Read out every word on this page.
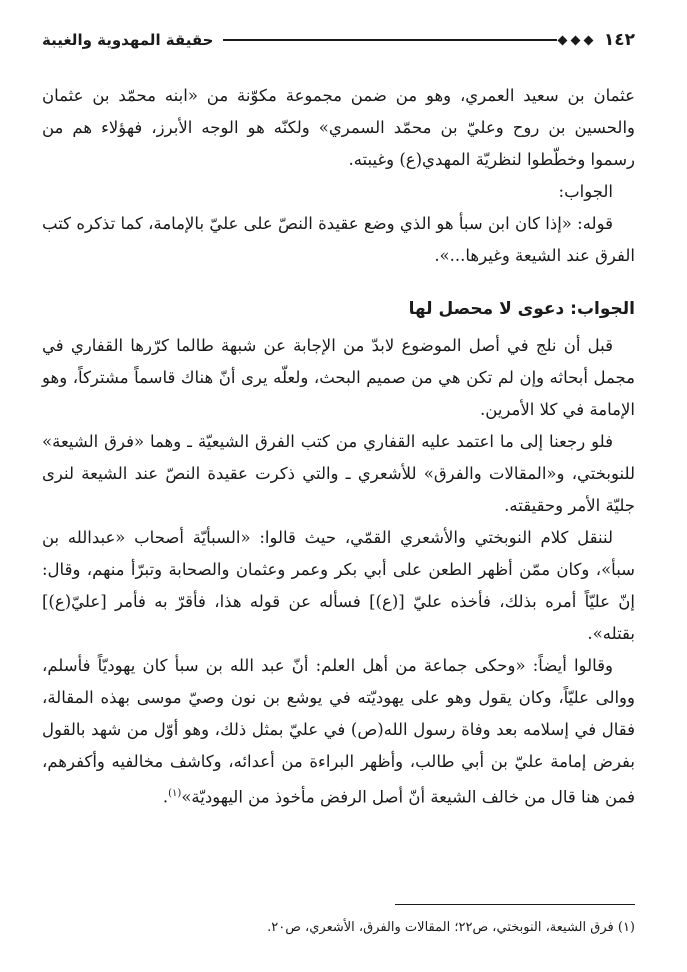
١٤٢
حقيقة المهدوية والغيبة

عثمان بن سعيد العمري، وهو من ضمن مجموعة مكوّنة من «ابنه محمّد بن عثمان والحسين بن روح وعليّ بن محمّد السمري» ولكنّه هو الوجه الأبرز، فهؤلاء هم من رسموا وخطّطوا لنظريّة المهدي(ع) وغيبته.

الجواب:

قوله: «إذا كان ابن سبأ هو الذي وضع عقيدة النصّ على عليّ بالإمامة، كما تذكره كتب الفرق عند الشيعة وغيرها...».

الجواب: دعوى لا محصل لها

قبل أن نلج في أصل الموضوع لابدّ من الإجابة عن شبهة طالما كرّرها القفاري في مجمل أبحاثه وإن لم تكن هي من صميم البحث، ولعلّه يرى أنّ هناك قاسماً مشتركاً، وهو الإمامة في كلا الأمرين.

فلو رجعنا إلى ما اعتمد عليه القفاري من كتب الفرق الشيعيّة ـ وهما «فرق الشيعة» للنوبختي، و«المقالات والفرق» للأشعري ـ والتي ذكرت عقيدة النصّ عند الشيعة لنرى جليّة الأمر وحقيقته.

لننقل كلام النوبختي والأشعري القمّي، حيث قالوا: «السبأيّة أصحاب «عبدالله بن سبأ»، وكان ممّن أظهر الطعن على أبي بكر وعمر وعثمان والصحابة وتبرّأ منهم، وقال: إنّ عليّاً أمره بذلك، فأخذه عليّ [(ع)] فسأله عن قوله هذا، فأقرّ به فأمر [عليّ(ع)] بقتله».

وقالوا أيضاً: «وحكى جماعة من أهل العلم: أنّ عبد الله بن سبأ كان يهوديّاً فأسلم، ووالى عليّاً، وكان يقول وهو على يهوديّته في يوشع بن نون وصيّ موسى بهذه المقالة، فقال في إسلامه بعد وفاة رسول الله(ص) في عليّ بمثل ذلك، وهو أوّل من شهد بالقول بفرض إمامة عليّ بن أبي طالب، وأظهر البراءة من أعدائه، وكاشف مخالفيه وأكفرهم، فمن هنا قال من خالف الشيعة أنّ أصل الرفض مأخوذ من اليهوديّة»$^{(١)}$.

(١) فرق الشيعة، النوبختي، ص٢٢؛ المقالات والفرق، الأشعري، ص٢٠.
